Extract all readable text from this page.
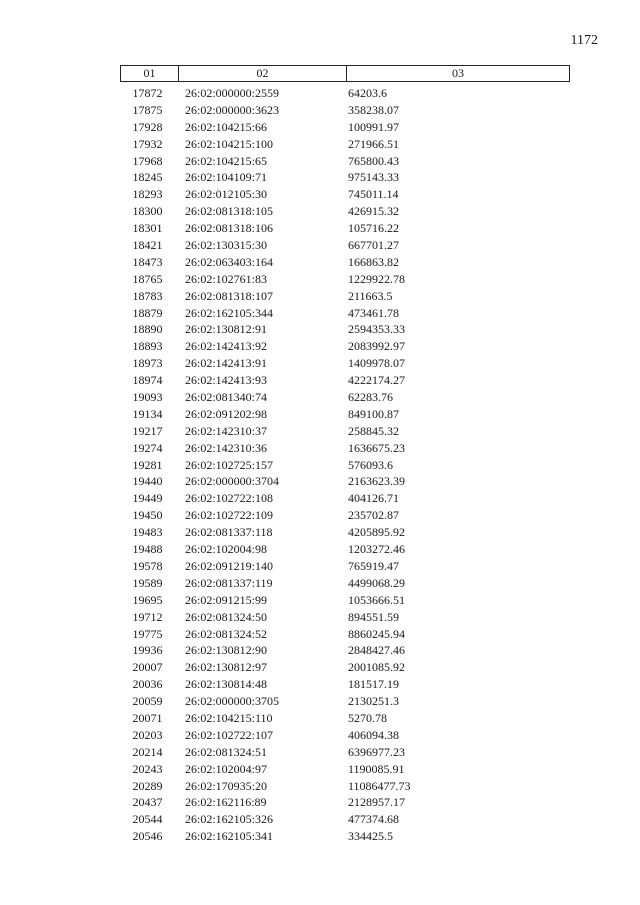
1172
01	02	03
17872	26:02:000000:2559	64203.6
17875	26:02:000000:3623	358238.07
17928	26:02:104215:66	100991.97
17932	26:02:104215:100	271966.51
17968	26:02:104215:65	765800.43
18245	26:02:104109:71	975143.33
18293	26:02:012105:30	745011.14
18300	26:02:081318:105	426915.32
18301	26:02:081318:106	105716.22
18421	26:02:130315:30	667701.27
18473	26:02:063403:164	166863.82
18765	26:02:102761:83	1229922.78
18783	26:02:081318:107	211663.5
18879	26:02:162105:344	473461.78
18890	26:02:130812:91	2594353.33
18893	26:02:142413:92	2083992.97
18973	26:02:142413:91	1409978.07
18974	26:02:142413:93	4222174.27
19093	26:02:081340:74	62283.76
19134	26:02:091202:98	849100.87
19217	26:02:142310:37	258845.32
19274	26:02:142310:36	1636675.23
19281	26:02:102725:157	576093.6
19440	26:02:000000:3704	2163623.39
19449	26:02:102722:108	404126.71
19450	26:02:102722:109	235702.87
19483	26:02:081337:118	4205895.92
19488	26:02:102004:98	1203272.46
19578	26:02:091219:140	765919.47
19589	26:02:081337:119	4499068.29
19695	26:02:091215:99	1053666.51
19712	26:02:081324:50	894551.59
19775	26:02:081324:52	8860245.94
19936	26:02:130812:90	2848427.46
20007	26:02:130812:97	2001085.92
20036	26:02:130814:48	181517.19
20059	26:02:000000:3705	2130251.3
20071	26:02:104215:110	5270.78
20203	26:02:102722:107	406094.38
20214	26:02:081324:51	6396977.23
20243	26:02:102004:97	1190085.91
20289	26:02:170935:20	11086477.73
20437	26:02:162116:89	2128957.17
20544	26:02:162105:326	477374.68
20546	26:02:162105:341	334425.5
